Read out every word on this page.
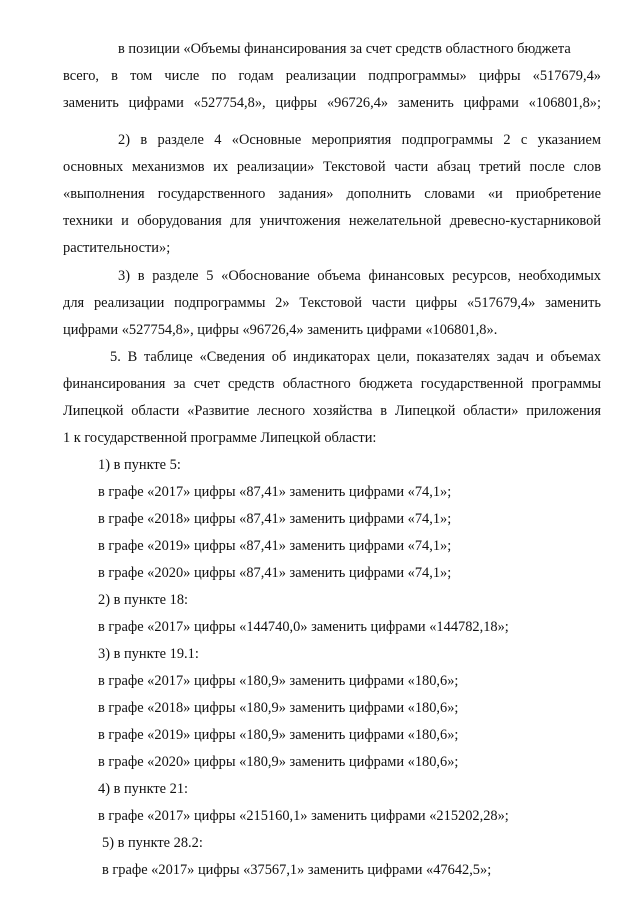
в позиции «Объемы финансирования за счет средств областного бюджета
всего, в том числе по годам реализации подпрограммы» цифры «517679,4»
заменить цифрами «527754,8», цифры «96726,4» заменить цифрами «106801,8»;
2) в разделе 4 «Основные мероприятия подпрограммы 2 с указанием
основных механизмов их реализации» Текстовой части абзац третий после слов
«выполнения государственного задания» дополнить словами «и приобретение
техники и оборудования для уничтожения нежелательной древесно-кустарниковой
растительности»;
3) в разделе 5 «Обоснование объема финансовых ресурсов, необходимых
для реализации подпрограммы 2» Текстовой части цифры «517679,4» заменить
цифрами «527754,8», цифры «96726,4» заменить цифрами «106801,8».
5. В таблице «Сведения об индикаторах цели, показателях задач и объемах
финансирования за счет средств областного бюджета государственной программы
Липецкой области «Развитие лесного хозяйства в Липецкой области» приложения
1 к государственной программе Липецкой области:
1) в пункте 5:
в графе «2017» цифры «87,41» заменить цифрами «74,1»;
в графе «2018» цифры «87,41» заменить цифрами «74,1»;
в графе «2019» цифры «87,41» заменить цифрами «74,1»;
в графе «2020» цифры «87,41» заменить цифрами «74,1»;
2) в пункте 18:
в графе «2017» цифры «144740,0» заменить цифрами «144782,18»;
3) в пункте 19.1:
в графе «2017» цифры «180,9» заменить цифрами «180,6»;
в графе «2018» цифры «180,9» заменить цифрами «180,6»;
в графе «2019» цифры «180,9» заменить цифрами «180,6»;
в графе «2020» цифры «180,9» заменить цифрами «180,6»;
4) в пункте 21:
в графе «2017» цифры «215160,1» заменить цифрами «215202,28»;
5) в пункте 28.2:
в графе «2017» цифры «37567,1» заменить цифрами «47642,5»;
